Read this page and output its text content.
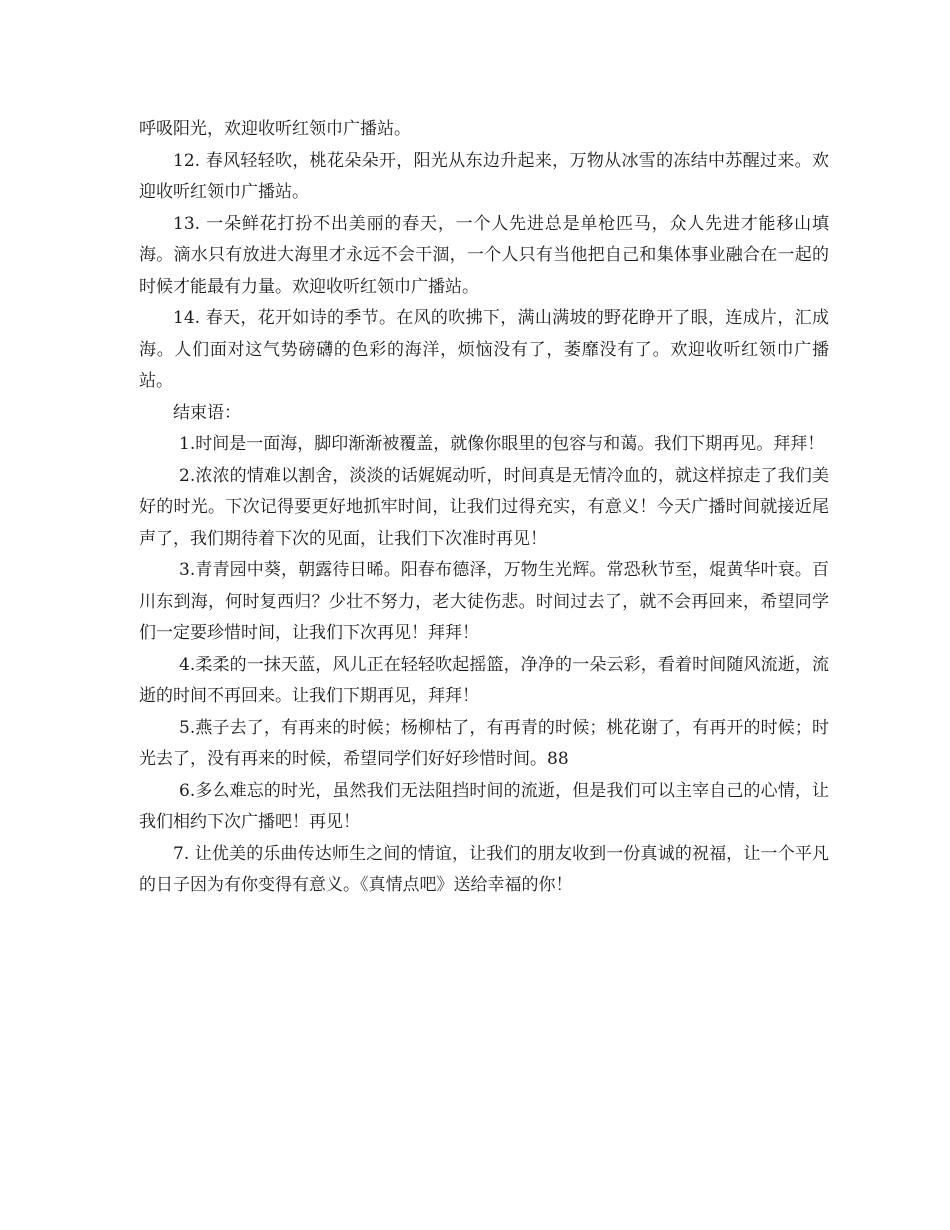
呼吸阳光，欢迎收听红领巾广播站。

12. 春风轻轻吹，桃花朵朵开，阳光从东边升起来，万物从冰雪的冻结中苏醒过来。欢迎收听红领巾广播站。

13. 一朵鲜花打扮不出美丽的春天，一个人先进总是单枪匹马，众人先进才能移山填海。滴水只有放进大海里才永远不会干涸，一个人只有当他把自己和集体事业融合在一起的时候才能最有力量。欢迎收听红领巾广播站。

14. 春天，花开如诗的季节。在风的吹拂下，满山满坡的野花睁开了眼，连成片，汇成海。人们面对这气势磅礴的色彩的海洋，烦恼没有了，萎靡没有了。欢迎收听红领巾广播站。

结束语：

1.时间是一面海，脚印渐渐被覆盖，就像你眼里的包容与和蔼。我们下期再见。拜拜！

2.浓浓的情难以割舍，淡淡的话娓娓动听，时间真是无情冷血的，就这样掠走了我们美好的时光。下次记得要更好地抓牢时间，让我们过得充实，有意义！今天广播时间就接近尾声了，我们期待着下次的见面，让我们下次准时再见！

3.青青园中葵，朝露待日晞。阳春布德泽，万物生光辉。常恐秋节至，焜黄华叶衰。百川东到海，何时复西归？少壮不努力，老大徒伤悲。时间过去了，就不会再回来，希望同学们一定要珍惜时间，让我们下次再见！拜拜！

4.柔柔的一抹天蓝，风儿正在轻轻吹起摇篮，净净的一朵云彩，看着时间随风流逝，流逝的时间不再回来。让我们下期再见，拜拜！

5.燕子去了，有再来的时候；杨柳枯了，有再青的时候；桃花谢了，有再开的时候；时光去了，没有再来的时候，希望同学们好好珍惜时间。88

6.多么难忘的时光，虽然我们无法阻挡时间的流逝，但是我们可以主宰自己的心情，让我们相约下次广播吧！再见！

7. 让优美的乐曲传达师生之间的情谊，让我们的朋友收到一份真诚的祝福，让一个平凡的日子因为有你变得有意义。《真情点吧》送给幸福的你！
